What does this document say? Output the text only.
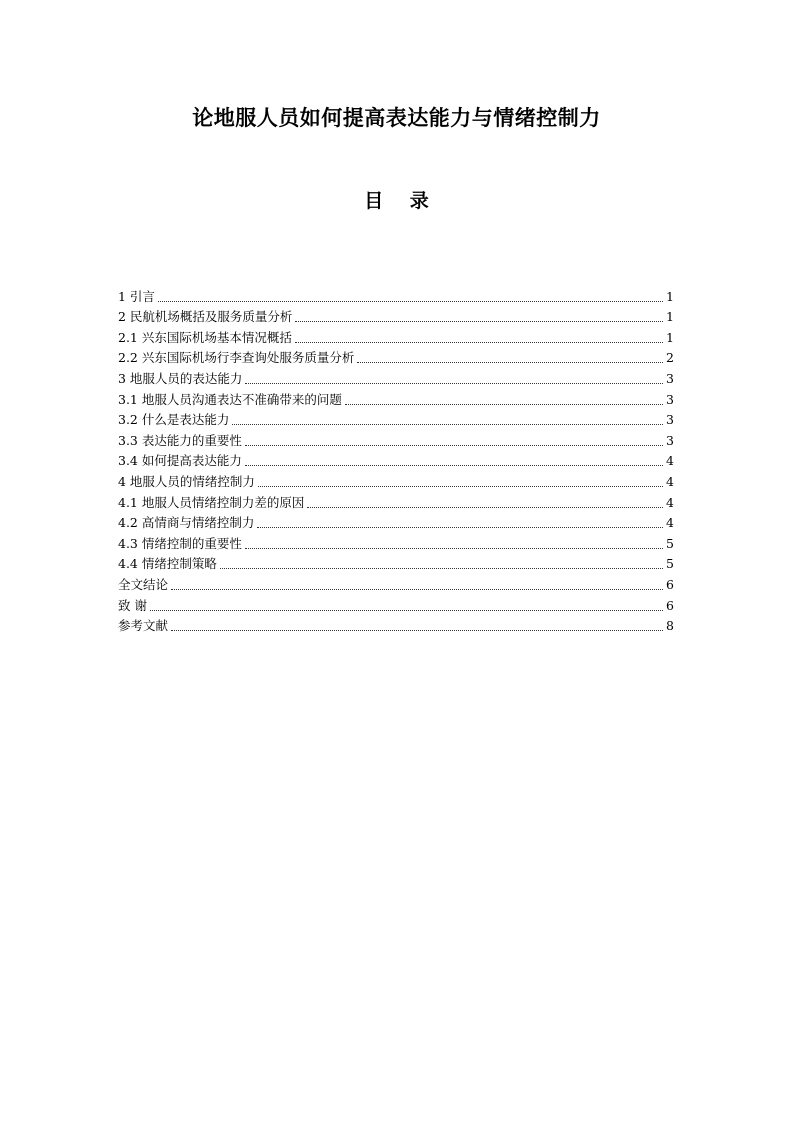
论地服人员如何提高表达能力与情绪控制力
目 录
1 引言	1
2 民航机场概括及服务质量分析	1
2.1 兴东国际机场基本情况概括	1
2.2 兴东国际机场行李查询处服务质量分析	2
3 地服人员的表达能力	3
3.1 地服人员沟通表达不准确带来的问题	3
3.2 什么是表达能力	3
3.3 表达能力的重要性	3
3.4 如何提高表达能力	4
4 地服人员的情绪控制力	4
4.1 地服人员情绪控制力差的原因	4
4.2 高情商与情绪控制力	4
4.3 情绪控制的重要性	5
4.4 情绪控制策略	5
全文结论	6
致 谢	6
参考文献	8
